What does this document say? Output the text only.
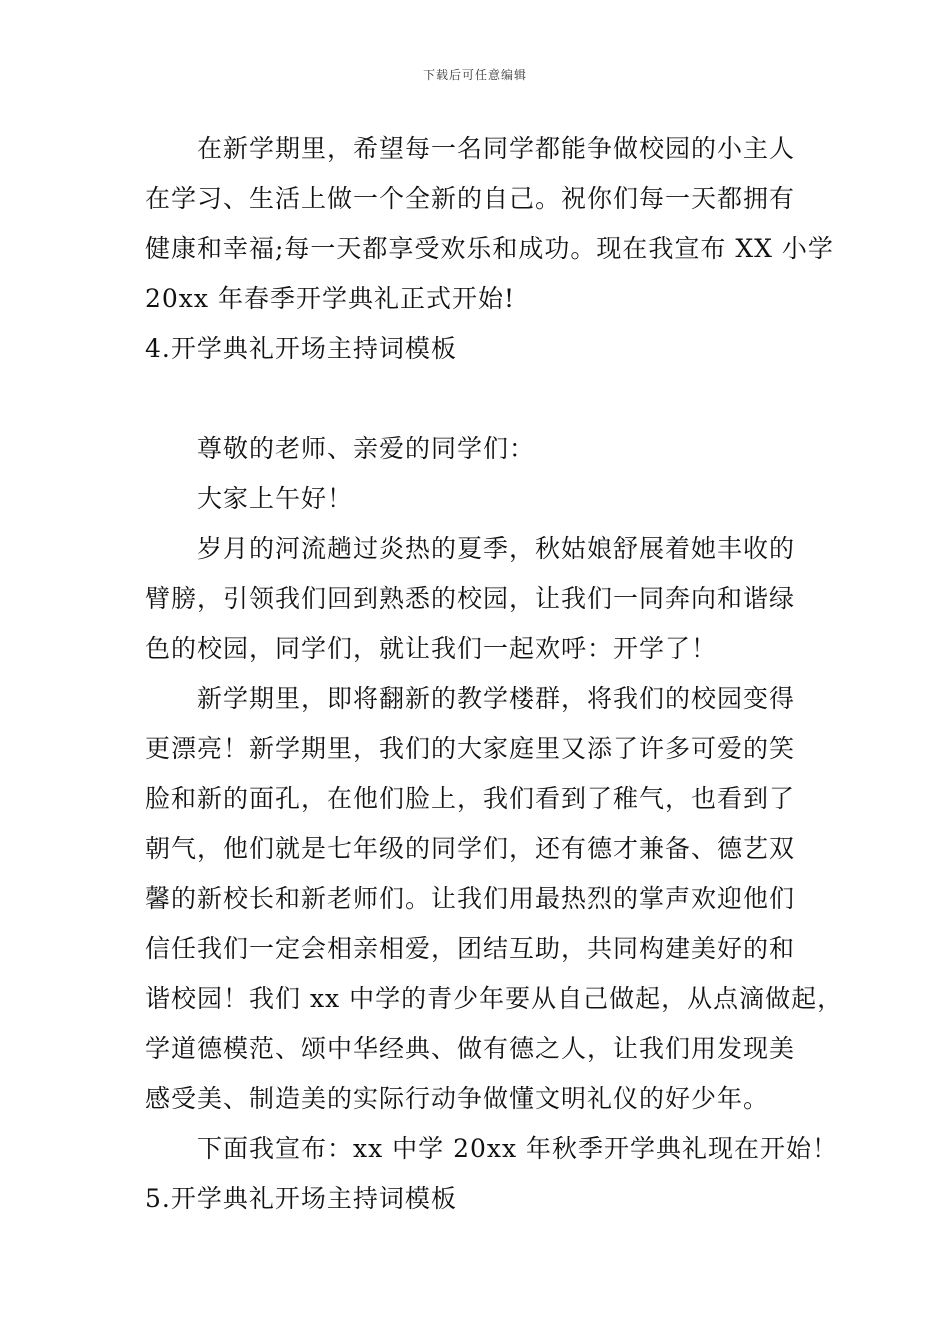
下载后可任意编辑
在新学期里，希望每一名同学都能争做校园的小主人
在学习、生活上做一个全新的自己。祝你们每一天都拥有
健康和幸福;每一天都享受欢乐和成功。现在我宣布 XX 小学
20xx 年春季开学典礼正式开始!
4.开学典礼开场主持词模板
尊敬的老师、亲爱的同学们：
大家上午好！
岁月的河流趟过炎热的夏季，秋姑娘舒展着她丰收的
臂膀，引领我们回到熟悉的校园，让我们一同奔向和谐绿
色的校园，同学们，就让我们一起欢呼：开学了！
新学期里，即将翻新的教学楼群，将我们的校园变得
更漂亮！新学期里，我们的大家庭里又添了许多可爱的笑
脸和新的面孔，在他们脸上，我们看到了稚气，也看到了
朝气，他们就是七年级的同学们，还有德才兼备、德艺双
馨的新校长和新老师们。让我们用最热烈的掌声欢迎他们
信任我们一定会相亲相爱，团结互助，共同构建美好的和
谐校园！我们 xx 中学的青少年要从自己做起，从点滴做起，
学道德模范、颂中华经典、做有德之人，让我们用发现美
感受美、制造美的实际行动争做懂文明礼仪的好少年。
下面我宣布：xx 中学 20xx 年秋季开学典礼现在开始！
5.开学典礼开场主持词模板
